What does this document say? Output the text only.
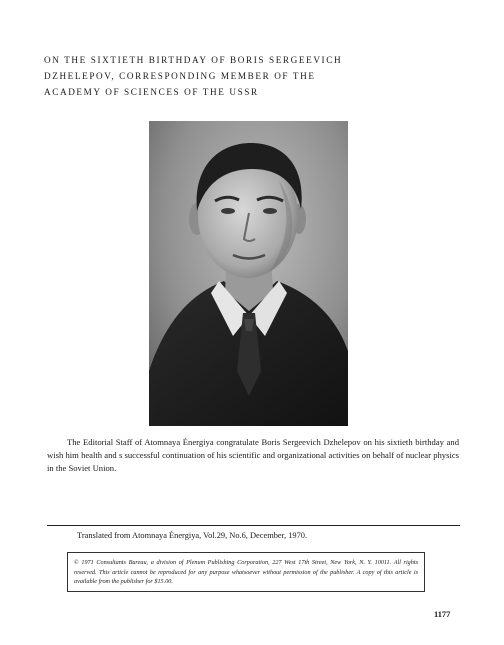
ON THE SIXTIETH BIRTHDAY OF BORIS SERGEEVICH
DZHELEPOV, CORRESPONDING MEMBER OF THE
ACADEMY OF SCIENCES OF THE USSR
The Editorial Staff of Atomnaya Énergiya congratulate Boris Sergeevich Dzhelepov on his sixtieth birthday and wish him health and s successful continuation of his scientific and organizational activities on behalf of nuclear physics in the Soviet Union.
Translated from Atomnaya Énergiya, Vol.29, No.6, December, 1970.
© 1971 Consultants Bureau, a division of Plenum Publishing Corporation, 227 West 17th Street, New York, N. Y. 10011. All rights reserved. This article cannot be reproduced for any purpose whatsoever without permission of the publisher. A copy of this article is available from the publisher for $15.00.
1177
